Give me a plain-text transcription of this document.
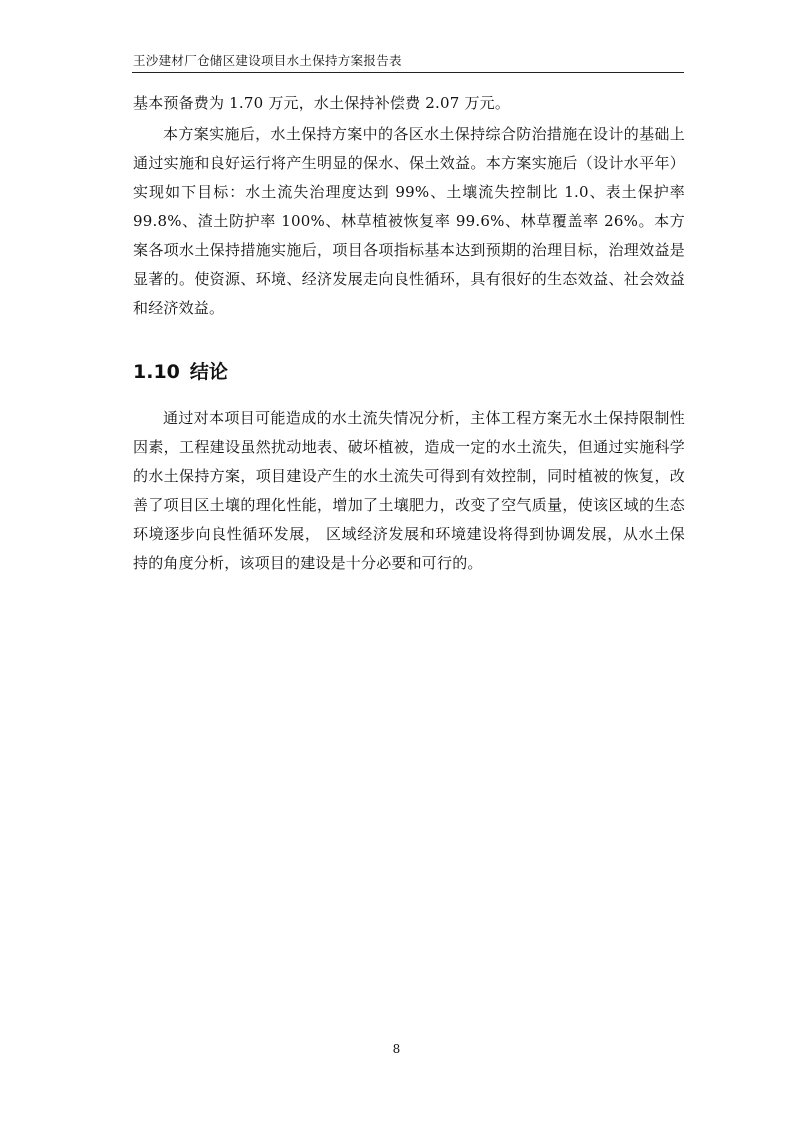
王沙建材厂仓储区建设项目水土保持方案报告表

基本预备费为 1.70 万元，水土保持补偿费 2.07 万元。

本方案实施后，水土保持方案中的各区水土保持综合防治措施在设计的基础上通过实施和良好运行将产生明显的保水、保土效益。本方案实施后（设计水平年）实现如下目标：水土流失治理度达到 99%、土壤流失控制比 1.0、表土保护率 99.8%、渣土防护率 100%、林草植被恢复率 99.6%、林草覆盖率 26%。本方案各项水土保持措施实施后，项目各项指标基本达到预期的治理目标，治理效益是显著的。使资源、环境、经济发展走向良性循环，具有很好的生态效益、社会效益和经济效益。

1.10 结论

通过对本项目可能造成的水土流失情况分析，主体工程方案无水土保持限制性因素，工程建设虽然扰动地表、破坏植被，造成一定的水土流失，但通过实施科学的水土保持方案，项目建设产生的水土流失可得到有效控制，同时植被的恢复，改善了项目区土壤的理化性能，增加了土壤肥力，改变了空气质量，使该区域的生态环境逐步向良性循环发展， 区域经济发展和环境建设将得到协调发展，从水土保持的角度分析，该项目的建设是十分必要和可行的。

8
